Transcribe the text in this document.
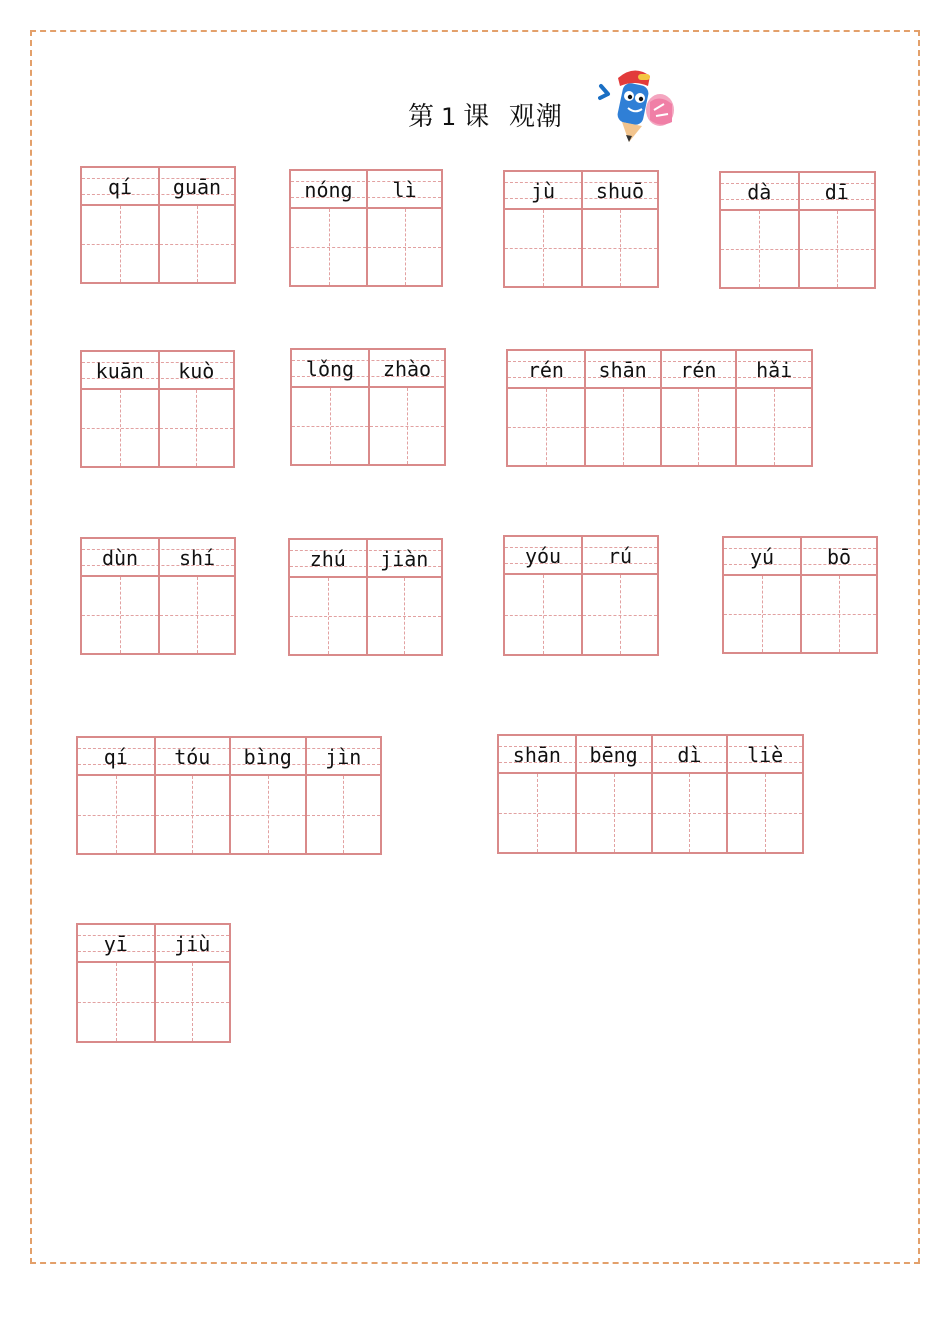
第 1 课 观潮
qí	guān	nóng	lì	jù	shuō	dà	dī
kuān	kuò	lǒng	zhào	rén	shān	rén	hǎi
dùn	shí	zhú	jiàn	yóu	rú	yú	bō
qí	tóu	bìng	jìn	shān	bēng	dì	liè
yī	jiù
